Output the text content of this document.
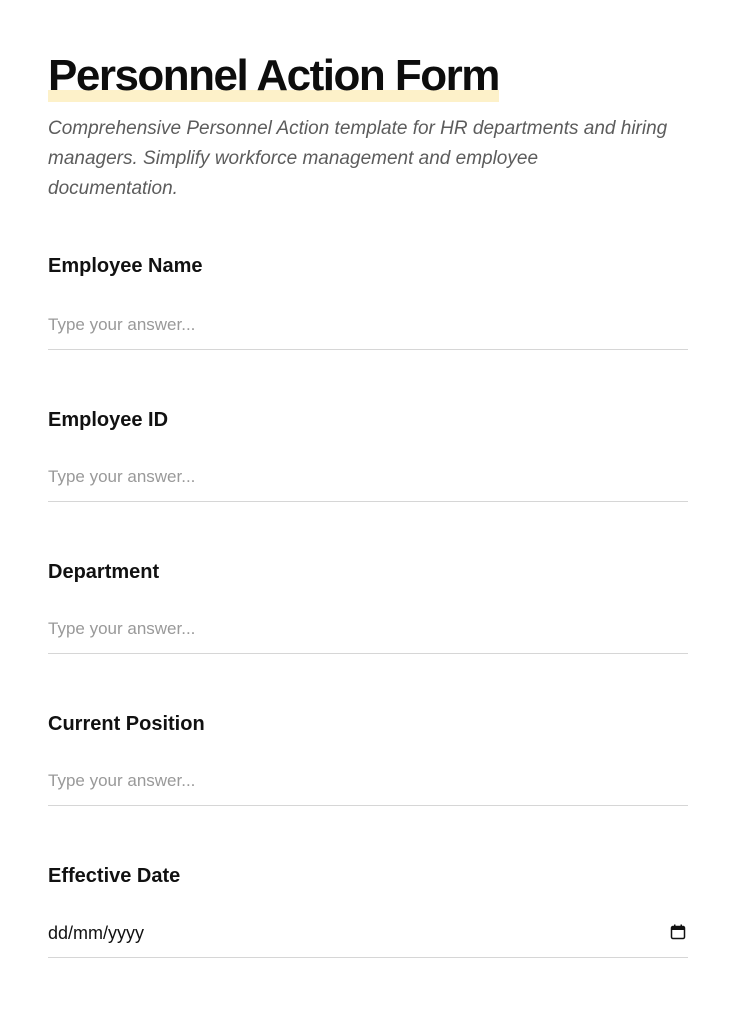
Personnel Action Form

Comprehensive Personnel Action template for HR departments and hiring managers. Simplify workforce management and employee documentation.

Employee Name
Type your answer...
Employee ID
Type your answer...
Department
Type your answer...
Current Position
Type your answer...
Effective Date
dd/mm/yyyy
